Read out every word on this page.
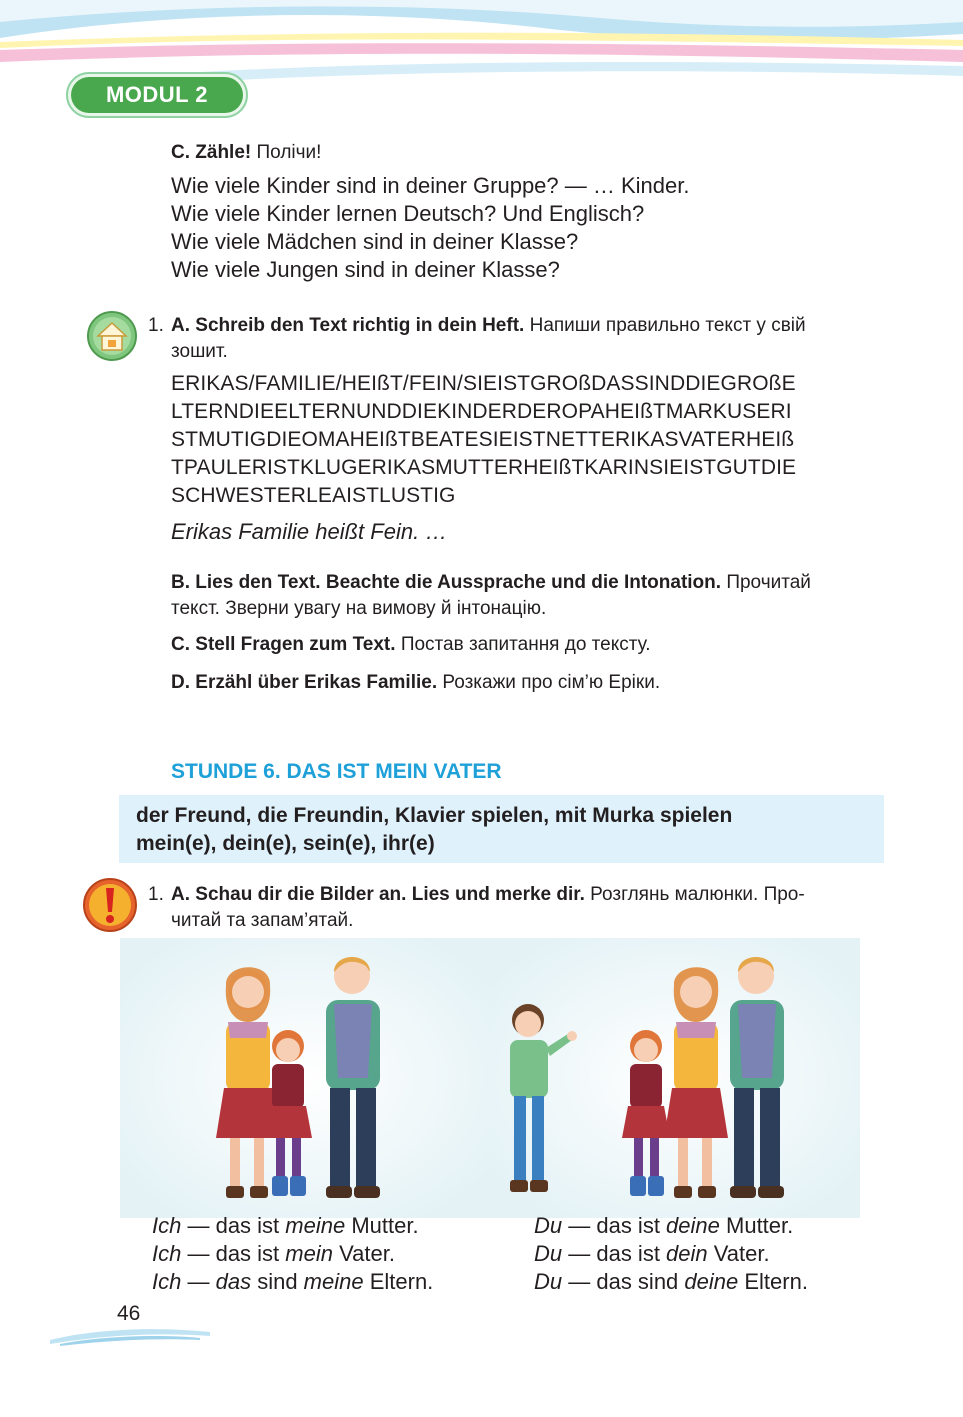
MODUL 2
C. Zähle! Полічи!
Wie viele Kinder sind in deiner Gruppe? — … Kinder.
Wie viele Kinder lernen Deutsch? Und Englisch?
Wie viele Mädchen sind in deiner Klasse?
Wie viele Jungen sind in deiner Klasse?
1. A. Schreib den Text richtig in dein Heft. Напиши правильно текст у свій
зошит.
ERIKAS/FAMILIE/HEIßT/FEIN/SIEISTGROßDASSINDDIEGROßE
LTERNDIEELTERNUNDDIEKINDERDEROPAHEIßTMARKUSERI
STMUTIGDIEOMAHEIßTBEATESIEISTNETTERIKASVATERHEIß
TPAULERISTKLUGERIKASMUTTERHEIßTKARINSIEISTGUTDIE
SCHWESTERLEAISTLUSTIG
Erikas Familie heißt Fein. …
B. Lies den Text. Beachte die Aussprache und die Intonation. Прочитай
текст. Зверни увагу на вимову й інтонацію.
C. Stell Fragen zum Text. Постав запитання до тексту.
D. Erzähl über Erikas Familie. Розкажи про сім’ю Еріки.
STUNDE 6. DAS IST MEIN VATER
der Freund, die Freundin, Klavier spielen, mit Murka spielen
mein(e), dein(e), sein(e), ihr(e)
1. A. Schau dir die Bilder an. Lies und merke dir. Розглянь малюнки. Про-
читай та запам’ятай.
Ich — das ist meine Mutter.
Ich — das ist mein Vater.
Ich — das sind meine Eltern.
Du — das ist deine Mutter.
Du — das ist dein Vater.
Du — das sind deine Eltern.
46
